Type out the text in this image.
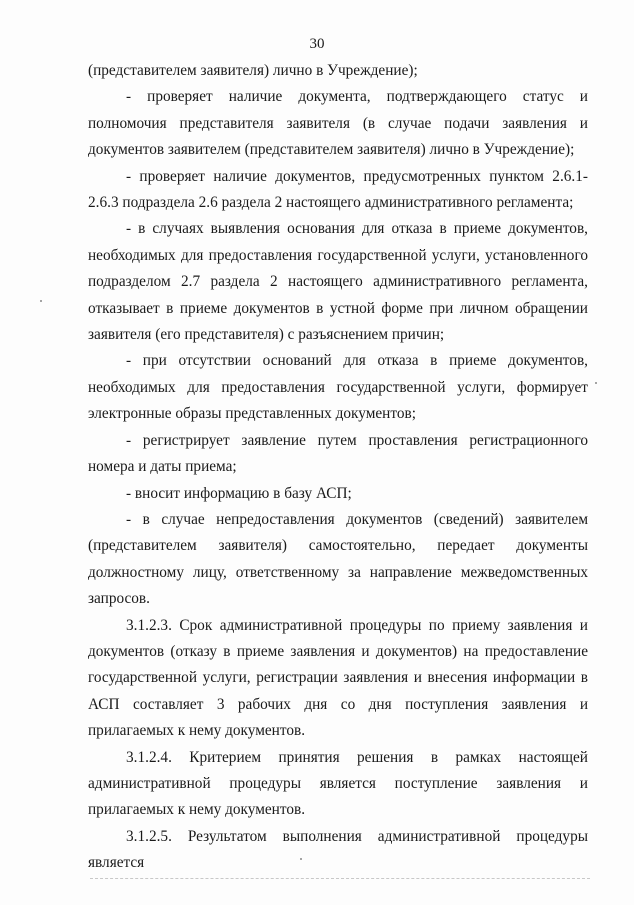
30

(представителем заявителя) лично в Учреждение);

- проверяет наличие документа, подтверждающего статус и полномочия представителя заявителя (в случае подачи заявления и документов заявителем (представителем заявителя) лично в Учреждение);

- проверяет наличие документов, предусмотренных пунктом 2.6.1-2.6.3 подраздела 2.6 раздела 2 настоящего административного регламента;

- в случаях выявления основания для отказа в приеме документов, необходимых для предоставления государственной услуги, установленного подразделом 2.7 раздела 2 настоящего административного регламента, отказывает в приеме документов в устной форме при личном обращении заявителя (его представителя) с разъяснением причин;

- при отсутствии оснований для отказа в приеме документов, необходимых для предоставления государственной услуги, формирует электронные образы представленных документов;

- регистрирует заявление путем проставления регистрационного номера и даты приема;

- вносит информацию в базу АСП;

- в случае непредоставления документов (сведений) заявителем (представителем заявителя) самостоятельно, передает документы должностному лицу, ответственному за направление межведомственных запросов.

3.1.2.3. Срок административной процедуры по приему заявления и документов (отказу в приеме заявления и документов) на предоставление государственной услуги, регистрации заявления и внесения информации в АСП составляет 3 рабочих дня со дня поступления заявления и прилагаемых к нему документов.

3.1.2.4. Критерием принятия решения в рамках настоящей административной процедуры является поступление заявления и прилагаемых к нему документов.

3.1.2.5. Результатом выполнения административной процедуры является
